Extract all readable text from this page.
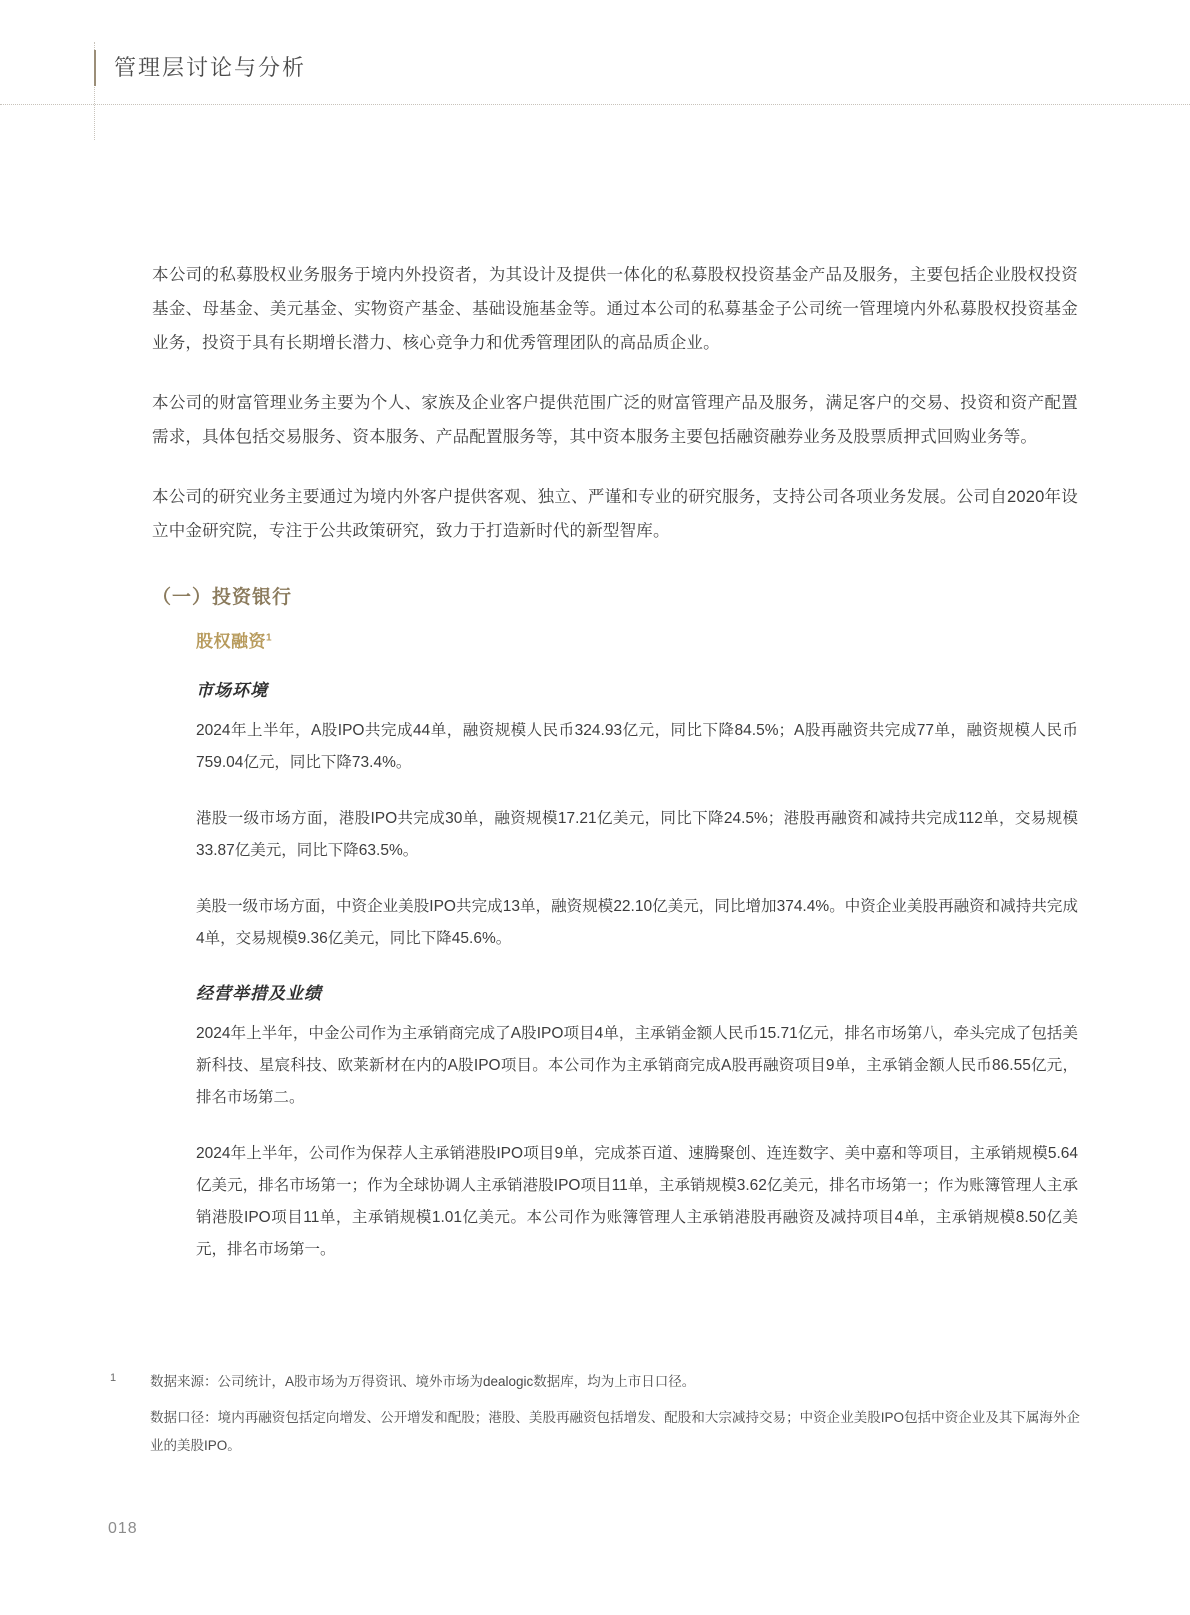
管理层讨论与分析

本公司的私募股权业务服务于境内外投资者，为其设计及提供一体化的私募股权投资基金产品及服务，主要包括企业股权投资基金、母基金、美元基金、实物资产基金、基础设施基金等。通过本公司的私募基金子公司统一管理境内外私募股权投资基金业务，投资于具有长期增长潜力、核心竞争力和优秀管理团队的高品质企业。

本公司的财富管理业务主要为个人、家族及企业客户提供范围广泛的财富管理产品及服务，满足客户的交易、投资和资产配置需求，具体包括交易服务、资本服务、产品配置服务等，其中资本服务主要包括融资融券业务及股票质押式回购业务等。

本公司的研究业务主要通过为境内外客户提供客观、独立、严谨和专业的研究服务，支持公司各项业务发展。公司自2020年设立中金研究院，专注于公共政策研究，致力于打造新时代的新型智库。

（一）投资银行
股权融资$^1$
市场环境

2024年上半年，A股IPO共完成44单，融资规模人民币324.93亿元，同比下降84.5%；A股再融资共完成77单，融资规模人民币759.04亿元，同比下降73.4%。

港股一级市场方面，港股IPO共完成30单，融资规模17.21亿美元，同比下降24.5%；港股再融资和减持共完成112单，交易规模33.87亿美元，同比下降63.5%。

美股一级市场方面，中资企业美股IPO共完成13单，融资规模22.10亿美元，同比增加374.4%。中资企业美股再融资和减持共完成4单，交易规模9.36亿美元，同比下降45.6%。

经营举措及业绩

2024年上半年，中金公司作为主承销商完成了A股IPO项目4单，主承销金额人民币15.71亿元，排名市场第八，牵头完成了包括美新科技、星宸科技、欧莱新材在内的A股IPO项目。本公司作为主承销商完成A股再融资项目9单，主承销金额人民币86.55亿元，排名市场第二。

2024年上半年，公司作为保荐人主承销港股IPO项目9单，完成茶百道、速腾聚创、连连数字、美中嘉和等项目，主承销规模5.64亿美元，排名市场第一；作为全球协调人主承销港股IPO项目11单，主承销规模3.62亿美元，排名市场第一；作为账簿管理人主承销港股IPO项目11单，主承销规模1.01亿美元。本公司作为账簿管理人主承销港股再融资及减持项目4单，主承销规模8.50亿美元，排名市场第一。

1	数据来源：公司统计，A股市场为万得资讯、境外市场为dealogic数据库，均为上市日口径。
数据口径：境内再融资包括定向增发、公开增发和配股；港股、美股再融资包括增发、配股和大宗减持交易；中资企业美股IPO包括中资企业及其下属海外企业的美股IPO。
018
